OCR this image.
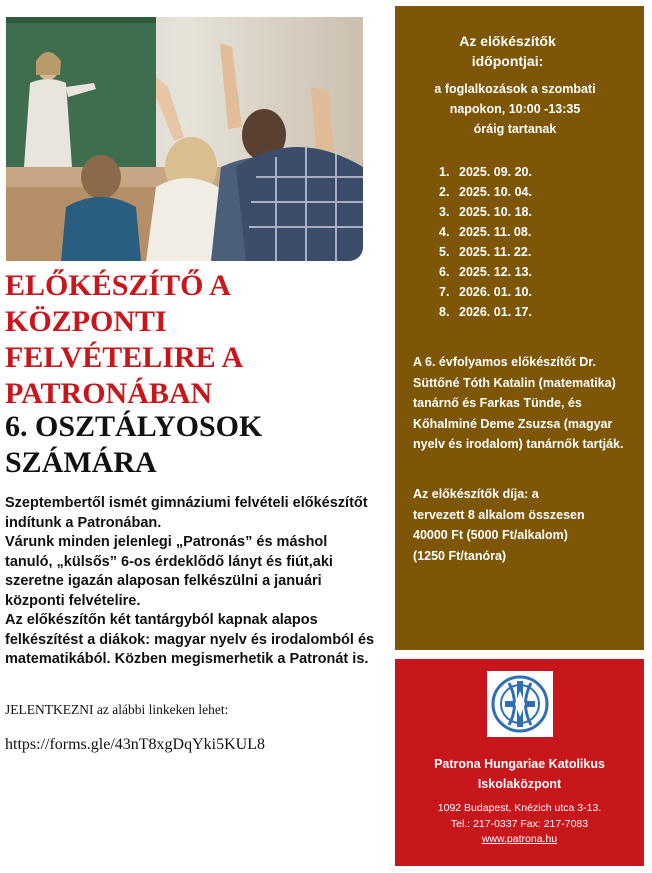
ELŐKÉSZÍTŐ A
KÖZPONTI
FELVÉTELIRE A
PATRONÁBAN
6. OSZTÁLYOSOK
SZÁMÁRA

Szeptembertől ismét gimnáziumi felvételi előkészítőt

indítunk a Patronában.

Várunk minden jelenlegi „Patronás” és máshol

tanuló, „külsős” 6-os érdeklődő lányt és fiút,aki

szeretne igazán alaposan felkészülni a januári

központi felvételire.

Az előkészítőn két tantárgyból kapnak alapos

felkészítést a diákok: magyar nyelv és irodalomból és

matematikából. Közben megismerhetik a Patronát is.

JELENTKEZNI az alábbi linkeken lehet:
https://forms.gle/43nT8xgDqYki5KUL8
Az előkészítők
időpontjai:
a foglalkozások a szombati
napokon, 10:00 -13:35
óráig tartanak
1. 2025. 09. 20.
2. 2025. 10. 04.
3. 2025. 10. 18.
4. 2025. 11. 08.
5. 2025. 11. 22.
6. 2025. 12. 13.
7. 2026. 01. 10.
8. 2026. 01. 17.
A 6. évfolyamos előkészítőt Dr. Süttőné Tóth Katalin (matematika) tanárnő és Farkas Tünde, és Kőhalminé Deme Zsuzsa (magyar nyelv és irodalom) tanárnők tartják.
Az előkészítők díja: a
tervezett 8 alkalom összesen
40000 Ft (5000 Ft/alkalom)
(1250 Ft/tanóra)
Patrona Hungariae Katolikus
Iskolaközpont
1092 Budapest, Knézich utca 3-13.
Tel.: 217-0337 Fax: 217-7083
www.patrona.hu
